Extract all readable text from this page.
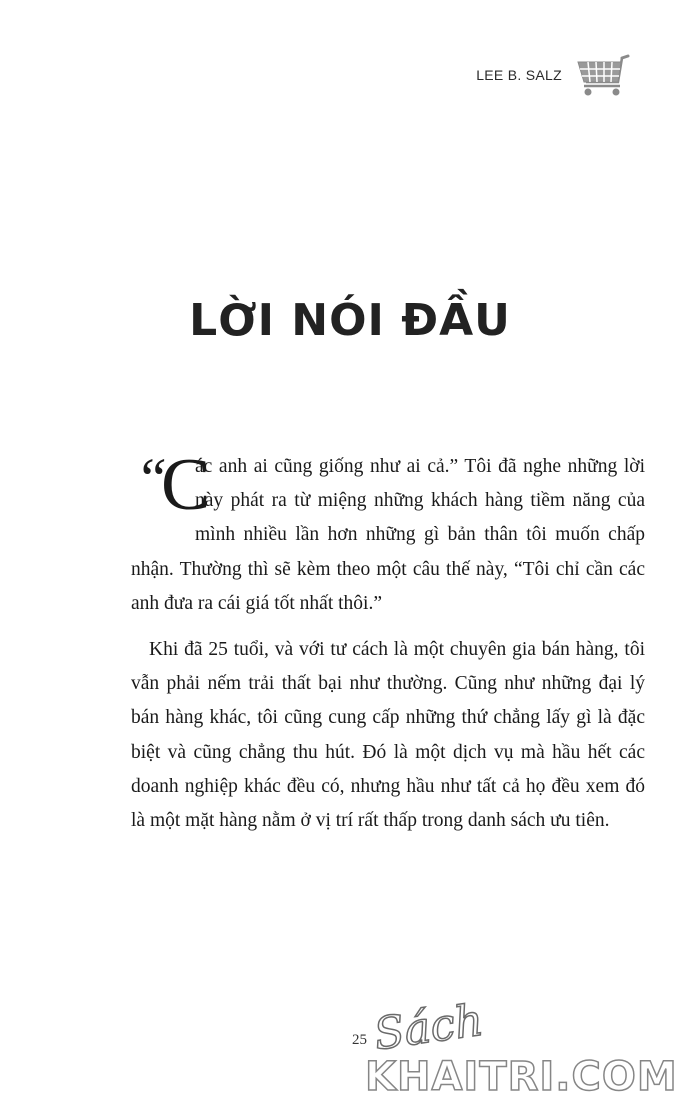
LEE B. SALZ
LỜI NÓI ĐẦU

“
C
ác anh ai cũng giống như ai cả.” Tôi đã nghe những lời này phát ra từ miệng những khách hàng tiềm năng của mình nhiều lần hơn những gì bản thân tôi muốn chấp nhận. Thường thì sẽ kèm theo một câu thế này, “Tôi chỉ cần các anh đưa ra cái giá tốt nhất thôi.”

Khi đã 25 tuổi, và với tư cách là một chuyên gia bán hàng, tôi vẫn phải nếm trải thất bại như thường. Cũng như những đại lý bán hàng khác, tôi cũng cung cấp những thứ chẳng lấy gì là đặc biệt và cũng chẳng thu hút. Đó là một dịch vụ mà hầu hết các doanh nghiệp khác đều có, nhưng hầu như tất cả họ đều xem đó là một mặt hàng nằm ở vị trí rất thấp trong danh sách ưu tiên.

25 Sách
KHAITRI.COM
